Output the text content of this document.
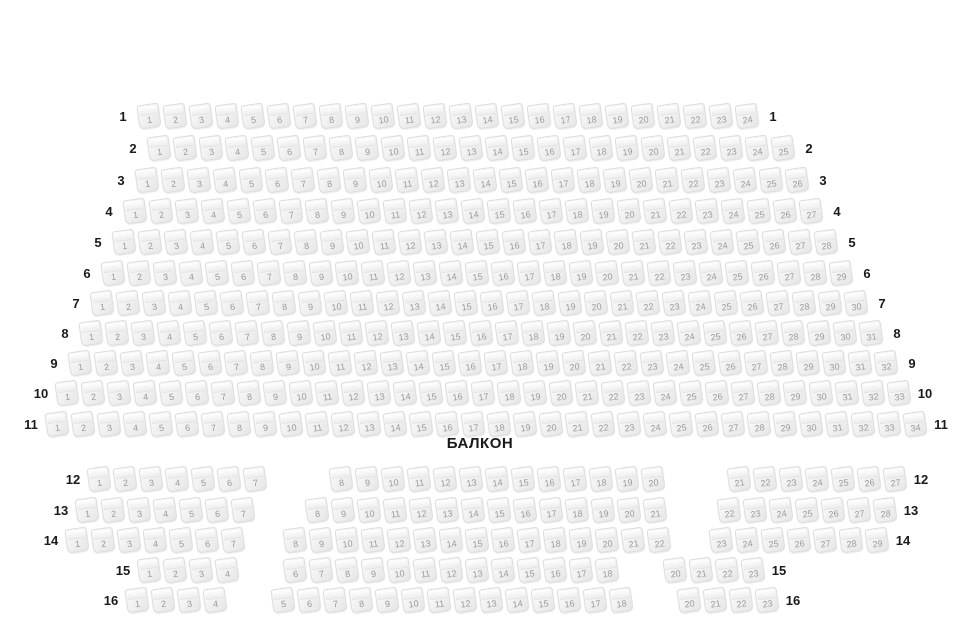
БАЛКОН
1	1	2	3	4	5	6	7	8	9	10	11	12	13	14	15	16	17	18	19	20	21	22	23	24	1
2	1	2	3	4	5	6	7	8	9	10	11	12	13	14	15	16	17	18	19	20	21	22	23	24	25	2
3	1	2	3	4	5	6	7	8	9	10	11	12	13	14	15	16	17	18	19	20	21	22	23	24	25	26	3
4	1	2	3	4	5	6	7	8	9	10	11	12	13	14	15	16	17	18	19	20	21	22	23	24	25	26	27	4
5	1	2	3	4	5	6	7	8	9	10	11	12	13	14	15	16	17	18	19	20	21	22	23	24	25	26	27	28	5
6	1	2	3	4	5	6	7	8	9	10	11	12	13	14	15	16	17	18	19	20	21	22	23	24	25	26	27	28	29	6
7	1	2	3	4	5	6	7	8	9	10	11	12	13	14	15	16	17	18	19	20	21	22	23	24	25	26	27	28	29	30	7
8	1	2	3	4	5	6	7	8	9	10	11	12	13	14	15	16	17	18	19	20	21	22	23	24	25	26	27	28	29	30	31	8
9	1	2	3	4	5	6	7	8	9	10	11	12	13	14	15	16	17	18	19	20	21	22	23	24	25	26	27	28	29	30	31	32	9
10	1	2	3	4	5	6	7	8	9	10	11	12	13	14	15	16	17	18	19	20	21	22	23	24	25	26	27	28	29	30	31	32	33 10
11	1	2	3	4	5	6	7	8	9	10	11	12	13	14	15	16	17	18	19	20	21	22	23	24	25	26	27	28	29	30	31	32	33	34 11
12	1	2	3	4	5	6	7	8	9	10	11	12	13	14	15	16	17	18	19	20	21	22	23	24	25	26	27 12
13	1	2	3	4	5	6	7	8	9	10	11	12	13	14	15	16	17	18	19	20	21	22	23	24	25	26	27	28 13
14	1	2	3	4	5	6	7	8	9	10	11	12	13	14	15	16	17	18	19	20	21	22	23	24	25	26	27	28	29 14
15	1	2	3	4	6	7	8	9	10	11	12	13	14	15	16	17	18	20	21	22	23 15
16	1	2	3	4	5	6	7	8	9	10	11	12	13	14	15	16	17	18	20	21	22	23 16
